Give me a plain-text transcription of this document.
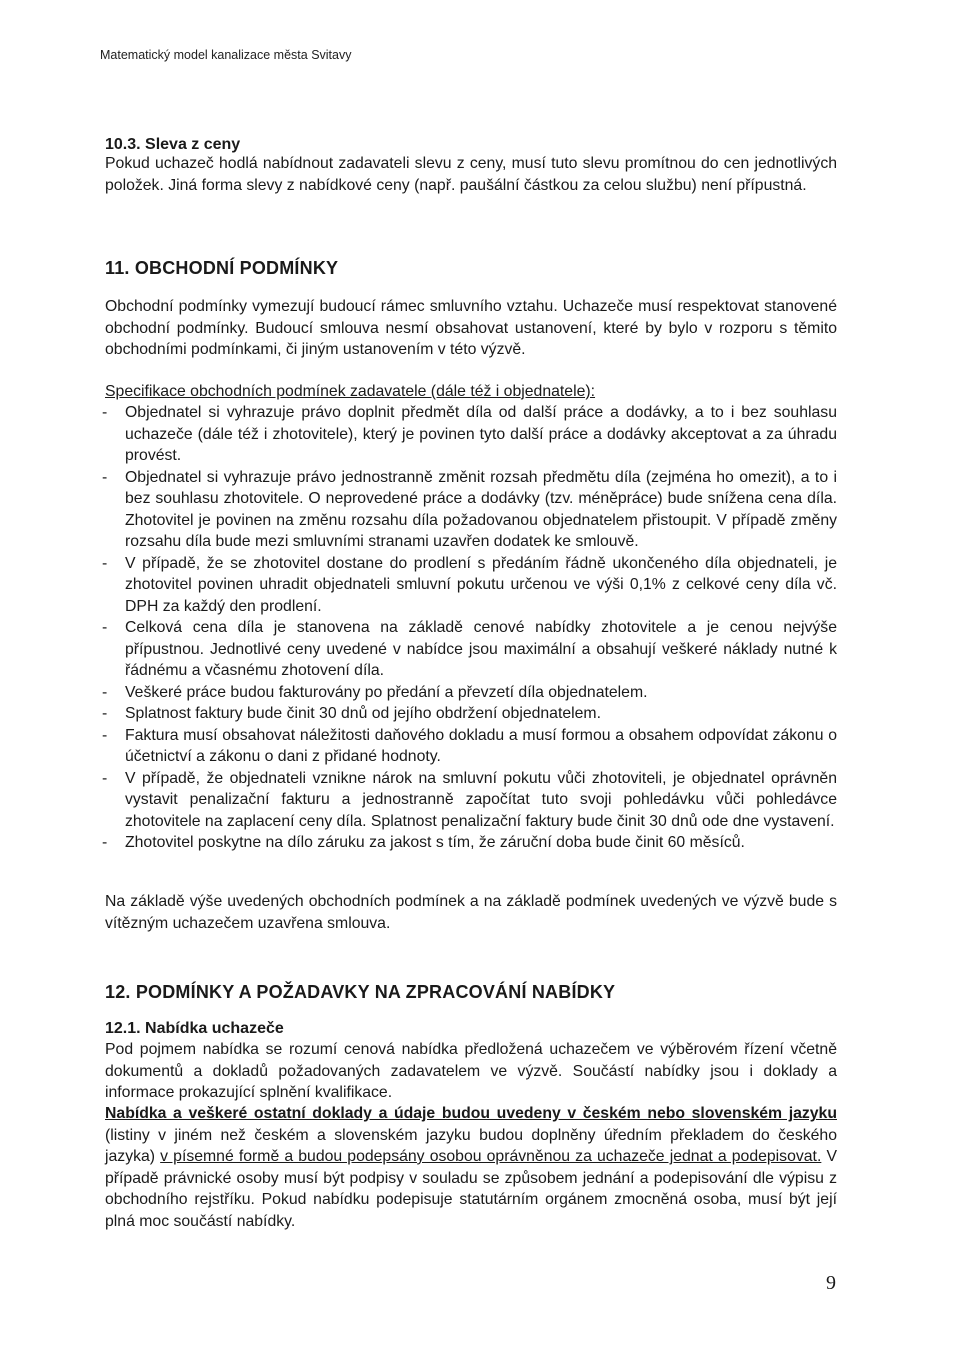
Matematický model kanalizace města Svitavy
10.3. Sleva z ceny

Pokud uchazeč hodlá nabídnout zadavateli slevu z ceny, musí tuto slevu promítnou do cen jednotlivých položek. Jiná forma slevy z nabídkové ceny (např. paušální částkou za celou službu) není přípustná.

11. OBCHODNÍ PODMÍNKY

Obchodní podmínky vymezují budoucí rámec smluvního vztahu. Uchazeče musí respektovat stanovené obchodní podmínky. Budoucí smlouva nesmí obsahovat ustanovení, které by bylo v rozporu s těmito obchodními podmínkami, či jiným ustanovením v této výzvě.

Specifikace obchodních podmínek zadavatele (dále též i objednatele):

- Objednatel si vyhrazuje právo doplnit předmět díla od další práce a dodávky, a to i bez souhlasu uchazeče (dále též i zhotovitele), který je povinen tyto další práce a dodávky akceptovat a za úhradu provést.
- Objednatel si vyhrazuje právo jednostranně změnit rozsah předmětu díla (zejména ho omezit), a to i bez souhlasu zhotovitele. O neprovedené práce a dodávky (tzv. méněpráce) bude snížena cena díla. Zhotovitel je povinen na změnu rozsahu díla požadovanou objednatelem přistoupit. V případě změny rozsahu díla bude mezi smluvními stranami uzavřen dodatek ke smlouvě.
- V případě, že se zhotovitel dostane do prodlení s předáním řádně ukončeného díla objednateli, je zhotovitel povinen uhradit objednateli smluvní pokutu určenou ve výši 0,1% z celkové ceny díla vč. DPH za každý den prodlení.
- Celková cena díla je stanovena na základě cenové nabídky zhotovitele a je cenou nejvýše přípustnou. Jednotlivé ceny uvedené v nabídce jsou maximální a obsahují veškeré náklady nutné k řádnému a včasnému zhotovení díla.
- Veškeré práce budou fakturovány po předání a převzetí díla objednatelem.
- Splatnost faktury bude činit 30 dnů od jejího obdržení objednatelem.
- Faktura musí obsahovat náležitosti daňového dokladu a musí formou a obsahem odpovídat zákonu o účetnictví a zákonu o dani z přidané hodnoty.
- V případě, že objednateli vznikne nárok na smluvní pokutu vůči zhotoviteli, je objednatel oprávněn vystavit penalizační fakturu a jednostranně započítat tuto svoji pohledávku vůči pohledávce zhotovitele na zaplacení ceny díla. Splatnost penalizační faktury bude činit 30 dnů ode dne vystavení.
- Zhotovitel poskytne na dílo záruku za jakost s tím, že záruční doba bude činit 60 měsíců.

Na základě výše uvedených obchodních podmínek a na základě podmínek uvedených ve výzvě bude s vítězným uchazečem uzavřena smlouva.

12. PODMÍNKY A POŽADAVKY NA ZPRACOVÁNÍ NABÍDKY
12.1. Nabídka uchazeče

Pod pojmem nabídka se rozumí cenová nabídka předložená uchazečem ve výběrovém řízení včetně dokumentů a dokladů požadovaných zadavatelem ve výzvě. Součástí nabídky jsou i doklady a informace prokazující splnění kvalifikace.

Nabídka a veškeré ostatní doklady a údaje budou uvedeny v českém nebo slovenském jazyku (listiny v jiném než českém a slovenském jazyku budou doplněny úředním překladem do českého jazyka) v písemné formě a budou podepsány osobou oprávněnou za uchazeče jednat a podepisovat. V případě právnické osoby musí být podpisy v souladu se způsobem jednání a podepisování dle výpisu z obchodního rejstříku. Pokud nabídku podepisuje statutárním orgánem zmocněná osoba, musí být její plná moc součástí nabídky.

9
